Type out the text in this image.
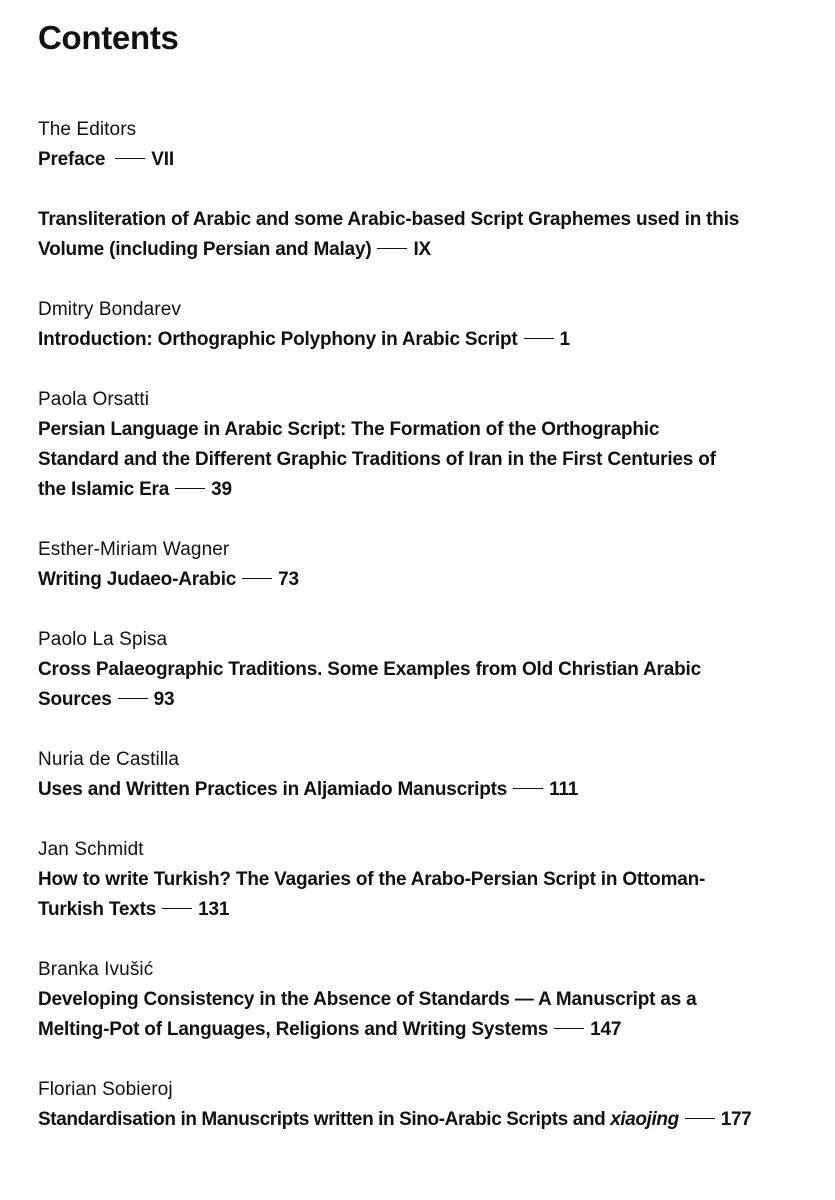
Contents
The Editors
Preface VII
Transliteration of Arabic and some Arabic-based Script Graphemes used in this
Volume (including Persian and Malay) IX
Dmitry Bondarev
Introduction: Orthographic Polyphony in Arabic Script 1
Paola Orsatti
Persian Language in Arabic Script: The Formation of the Orthographic
Standard and the Different Graphic Traditions of Iran in the First Centuries of
the Islamic Era 39
Esther-Miriam Wagner
Writing Judaeo-Arabic 73
Paolo La Spisa
Cross Palaeographic Traditions. Some Examples from Old Christian Arabic
Sources 93
Nuria de Castilla
Uses and Written Practices in Aljamiado Manuscripts 111
Jan Schmidt
How to write Turkish? The Vagaries of the Arabo-Persian Script in Ottoman-
Turkish Texts 131
Branka Ivušić
Developing Consistency in the Absence of Standards — A Manuscript as a
Melting-Pot of Languages, Religions and Writing Systems 147
Florian Sobieroj
Standardisation in Manuscripts written in Sino-Arabic Scripts and xiaojing 177
